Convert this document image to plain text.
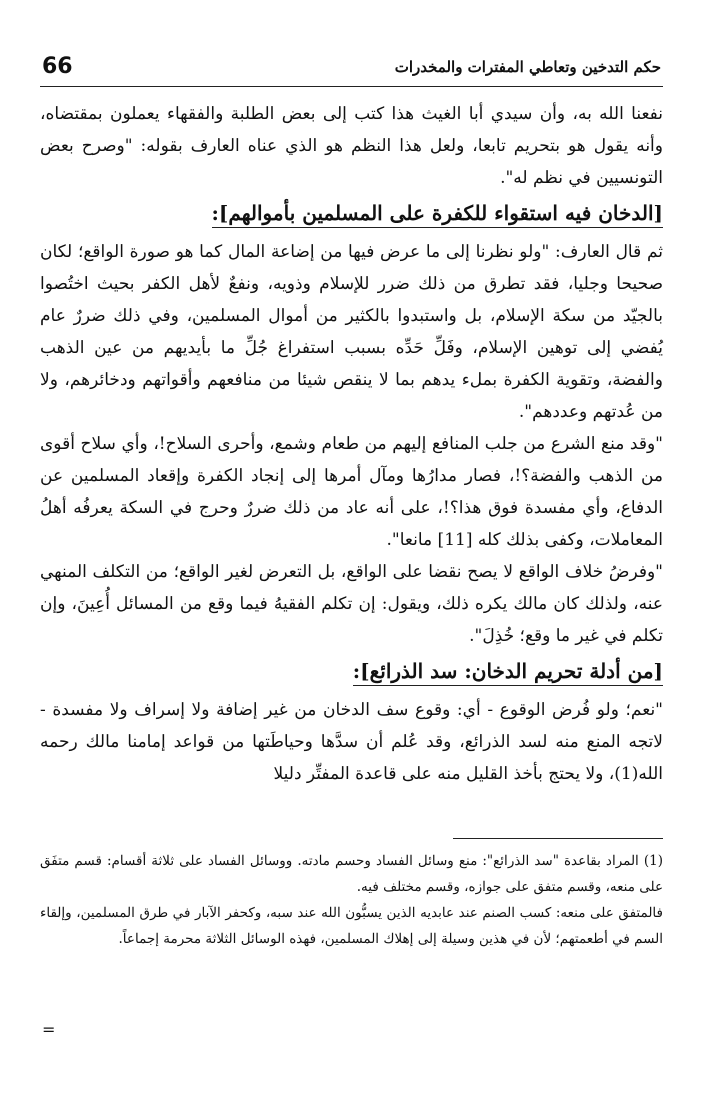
66	حكم التدخين وتعاطي المفترات والمخدرات

نفعنا الله به، وأن سيدي أبا الغيث هذا كتب إلى بعض الطلبة والفقهاء يعملون بمقتضاه، وأنه يقول هو بتحريم تابعا، ولعل هذا النظم هو الذي عناه العارف بقوله: "وصرح بعض التونسيين في نظم له".

[الدخان فيه استقواء للكفرة على المسلمين بأموالهم]:

ثم قال العارف: "ولو نظرنا إلى ما عرض فيها من إضاعة المال كما هو صورة الواقع؛ لكان صحيحا وجليا، فقد تطرق من ذلك ضرر للإسلام وذويه، ونفعٌ لأهل الكفر بحيث اختُصوا بالجيّد من سكة الإسلام، بل واستبدوا بالكثير من أموال المسلمين، وفي ذلك ضررٌ عام يُفضي إلى توهين الإسلام، وفَلِّ حَدِّه بسبب استفراغ جُلِّ ما بأيديهم من عين الذهب والفضة، وتقوية الكفرة بملء يدهم بما لا ينقص شيئا من منافعهم وأقواتهم ودخائرهم، ولا من عُدتهم وعددهم".

"وقد منع الشرع من جلب المنافع إليهم من طعام وشمع، وأحرى السلاح!، وأي سلاح أقوى من الذهب والفضة؟!، فصار مدارُها ومآل أمرها إلى إنجاد الكفرة وإقعاد المسلمين عن الدفاع، وأي مفسدة فوق هذا؟!، على أنه عاد من ذلك ضررٌ وحرج في السكة يعرفُه أهلُ المعاملات، وكفى بذلك كله [11] مانعا".

"وفرضُ خلاف الواقع لا يصح نقضا على الواقع، بل التعرض لغير الواقع؛ من التكلف المنهي عنه، ولذلك كان مالك يكره ذلك، ويقول: إن تكلم الفقيهُ فيما وقع من المسائل أُعِينَ، وإن تكلم في غير ما وقع؛ خُذِلَ".

[من أدلة تحريم الدخان: سد الذرائع]:

"نعم؛ ولو فُرض الوقوع - أي: وقوع سف الدخان من غير إضافة ولا إسراف ولا مفسدة - لاتجه المنع منه لسد الذرائع، وقد عُلم أن سدَّها وحياطَتها من قواعد إمامنا مالك رحمه الله(1)، ولا يحتج بأخذ القليل منه على قاعدة المفتِّر دليلا

(1) المراد بقاعدة "سد الذرائع": منع وسائل الفساد وحسم مادته. ووسائل الفساد على ثلاثة أقسام: قسم متفَق على منعه، وقسم متفق على جوازه، وقسم مختلف فيه.

فالمتفق على منعه: كسب الصنم عند عابديه الذين يسبُّون الله عند سبه، وكحفر الآبار في طرق المسلمين، وإلقاء السم في أطعمتهم؛ لأن في هذين وسيلة إلى إهلاك المسلمين، فهذه الوسائل الثلاثة محرمة إجماعاً.

=
